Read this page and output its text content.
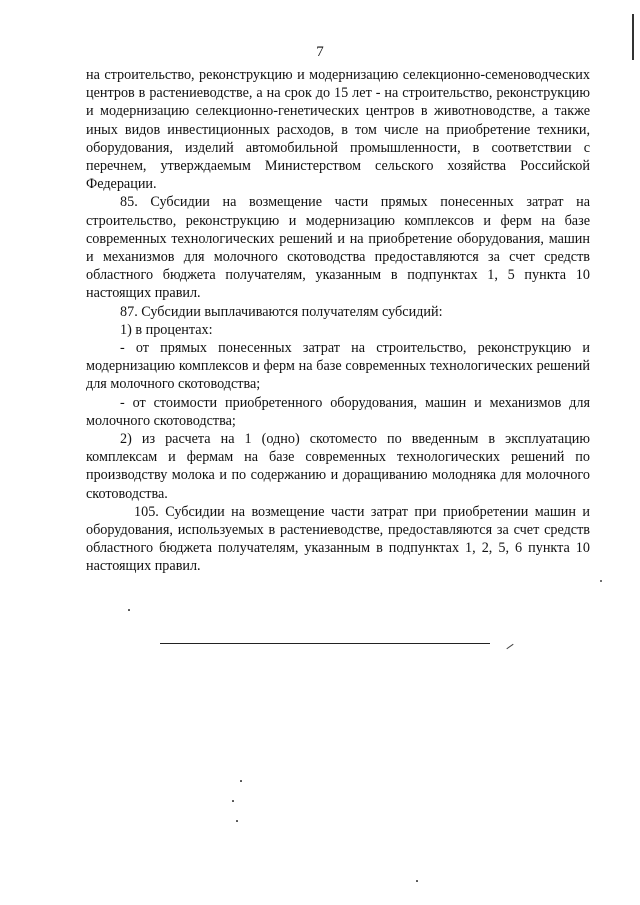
7

на строительство, реконструкцию и модернизацию селекционно-семеноводческих центров в растениеводстве, а на срок до 15 лет - на строительство, реконструкцию и модернизацию селекционно-генетических центров в животноводстве, а также иных видов инвестиционных расходов, в том числе на приобретение техники, оборудования, изделий автомобильной промышленности, в соответствии с перечнем, утверждаемым Министерством сельского хозяйства Российской Федерации.

85. Субсидии на возмещение части прямых понесенных затрат на строительство, реконструкцию и модернизацию комплексов и ферм на базе современных технологических решений и на приобретение оборудования, машин и механизмов для молочного скотоводства предоставляются за счет средств областного бюджета получателям, указанным в подпунктах 1, 5 пункта 10 настоящих правил.

87. Субсидии выплачиваются получателям субсидий:

1) в процентах:

- от прямых понесенных затрат на строительство, реконструкцию и модернизацию комплексов и ферм на базе современных технологических решений для молочного скотоводства;

- от стоимости приобретенного оборудования, машин и механизмов для молочного скотоводства;

2) из расчета на 1 (одно) скотоместо по введенным в эксплуатацию комплексам и фермам на базе современных технологических решений по производству молока и по содержанию и доращиванию молодняка для молочного скотоводства.

105. Субсидии на возмещение части затрат при приобретении машин и оборудования, используемых в растениеводстве, предоставляются за счет средств областного бюджета получателям, указанным в подпунктах 1, 2, 5, 6 пункта 10 настоящих правил.
